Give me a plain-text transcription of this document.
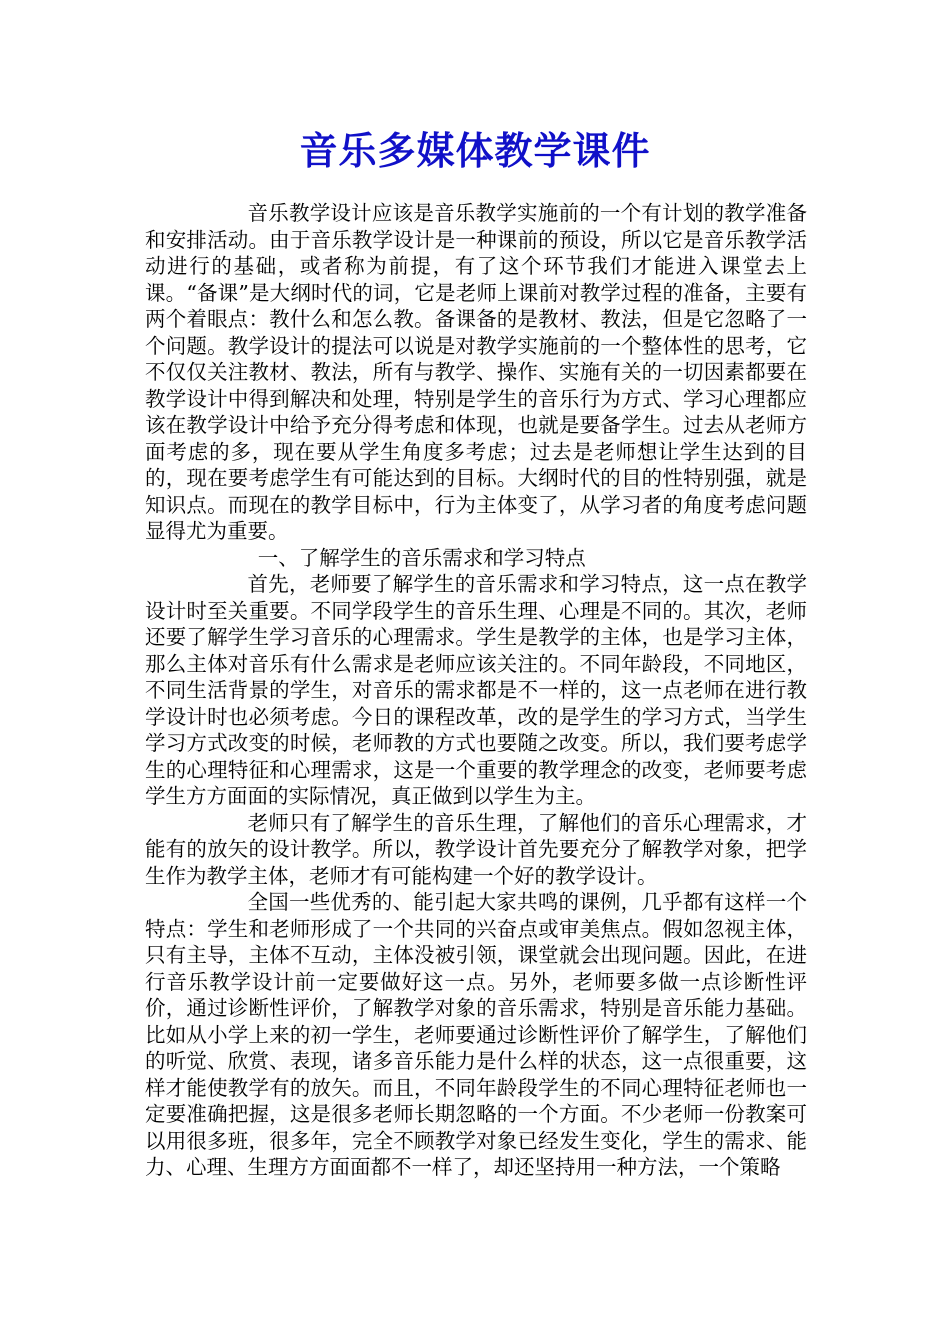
音乐多媒体教学课件

音乐教学设计应该是音乐教学实施前的一个有计划的教学准备和安排活动。由于音乐教学设计是一种课前的预设，所以它是音乐教学活动进行的基础，或者称为前提，有了这个环节我们才能进入课堂去上课。“备课”是大纲时代的词，它是老师上课前对教学过程的准备，主要有两个着眼点：教什么和怎么教。备课备的是教材、教法，但是它忽略了一个问题。教学设计的提法可以说是对教学实施前的一个整体性的思考，它不仅仅关注教材、教法，所有与教学、操作、实施有关的一切因素都要在教学设计中得到解决和处理，特别是学生的音乐行为方式、学习心理都应该在教学设计中给予充分得考虑和体现，也就是要备学生。过去从老师方面考虑的多，现在要从学生角度多考虑；过去是老师想让学生达到的目的，现在要考虑学生有可能达到的目标。大纲时代的目的性特别强，就是知识点。而现在的教学目标中，行为主体变了，从学习者的角度考虑问题显得尤为重要。

一、了解学生的音乐需求和学习特点

首先，老师要了解学生的音乐需求和学习特点，这一点在教学设计时至关重要。不同学段学生的音乐生理、心理是不同的。其次，老师还要了解学生学习音乐的心理需求。学生是教学的主体，也是学习主体，那么主体对音乐有什么需求是老师应该关注的。不同年龄段，不同地区，不同生活背景的学生，对音乐的需求都是不一样的，这一点老师在进行教学设计时也必须考虑。今日的课程改革，改的是学生的学习方式，当学生学习方式改变的时候，老师教的方式也要随之改变。所以，我们要考虑学生的心理特征和心理需求，这是一个重要的教学理念的改变，老师要考虑学生方方面面的实际情况，真正做到以学生为主。

老师只有了解学生的音乐生理，了解他们的音乐心理需求，才能有的放矢的设计教学。所以，教学设计首先要充分了解教学对象，把学生作为教学主体，老师才有可能构建一个好的教学设计。

全国一些优秀的、能引起大家共鸣的课例，几乎都有这样一个特点：学生和老师形成了一个共同的兴奋点或审美焦点。假如忽视主体，只有主导，主体不互动，主体没被引领，课堂就会出现问题。因此，在进行音乐教学设计前一定要做好这一点。另外，老师要多做一点诊断性评价，通过诊断性评价，了解教学对象的音乐需求，特别是音乐能力基础。比如从小学上来的初一学生，老师要通过诊断性评价了解学生，了解他们的听觉、欣赏、表现，诸多音乐能力是什么样的状态，这一点很重要，这样才能使教学有的放矢。而且，不同年龄段学生的不同心理特征老师也一定要准确把握，这是很多老师长期忽略的一个方面。不少老师一份教案可以用很多班，很多年，完全不顾教学对象已经发生变化，学生的需求、能力、心理、生理方方面面都不一样了，却还坚持用一种方法，一个策略
